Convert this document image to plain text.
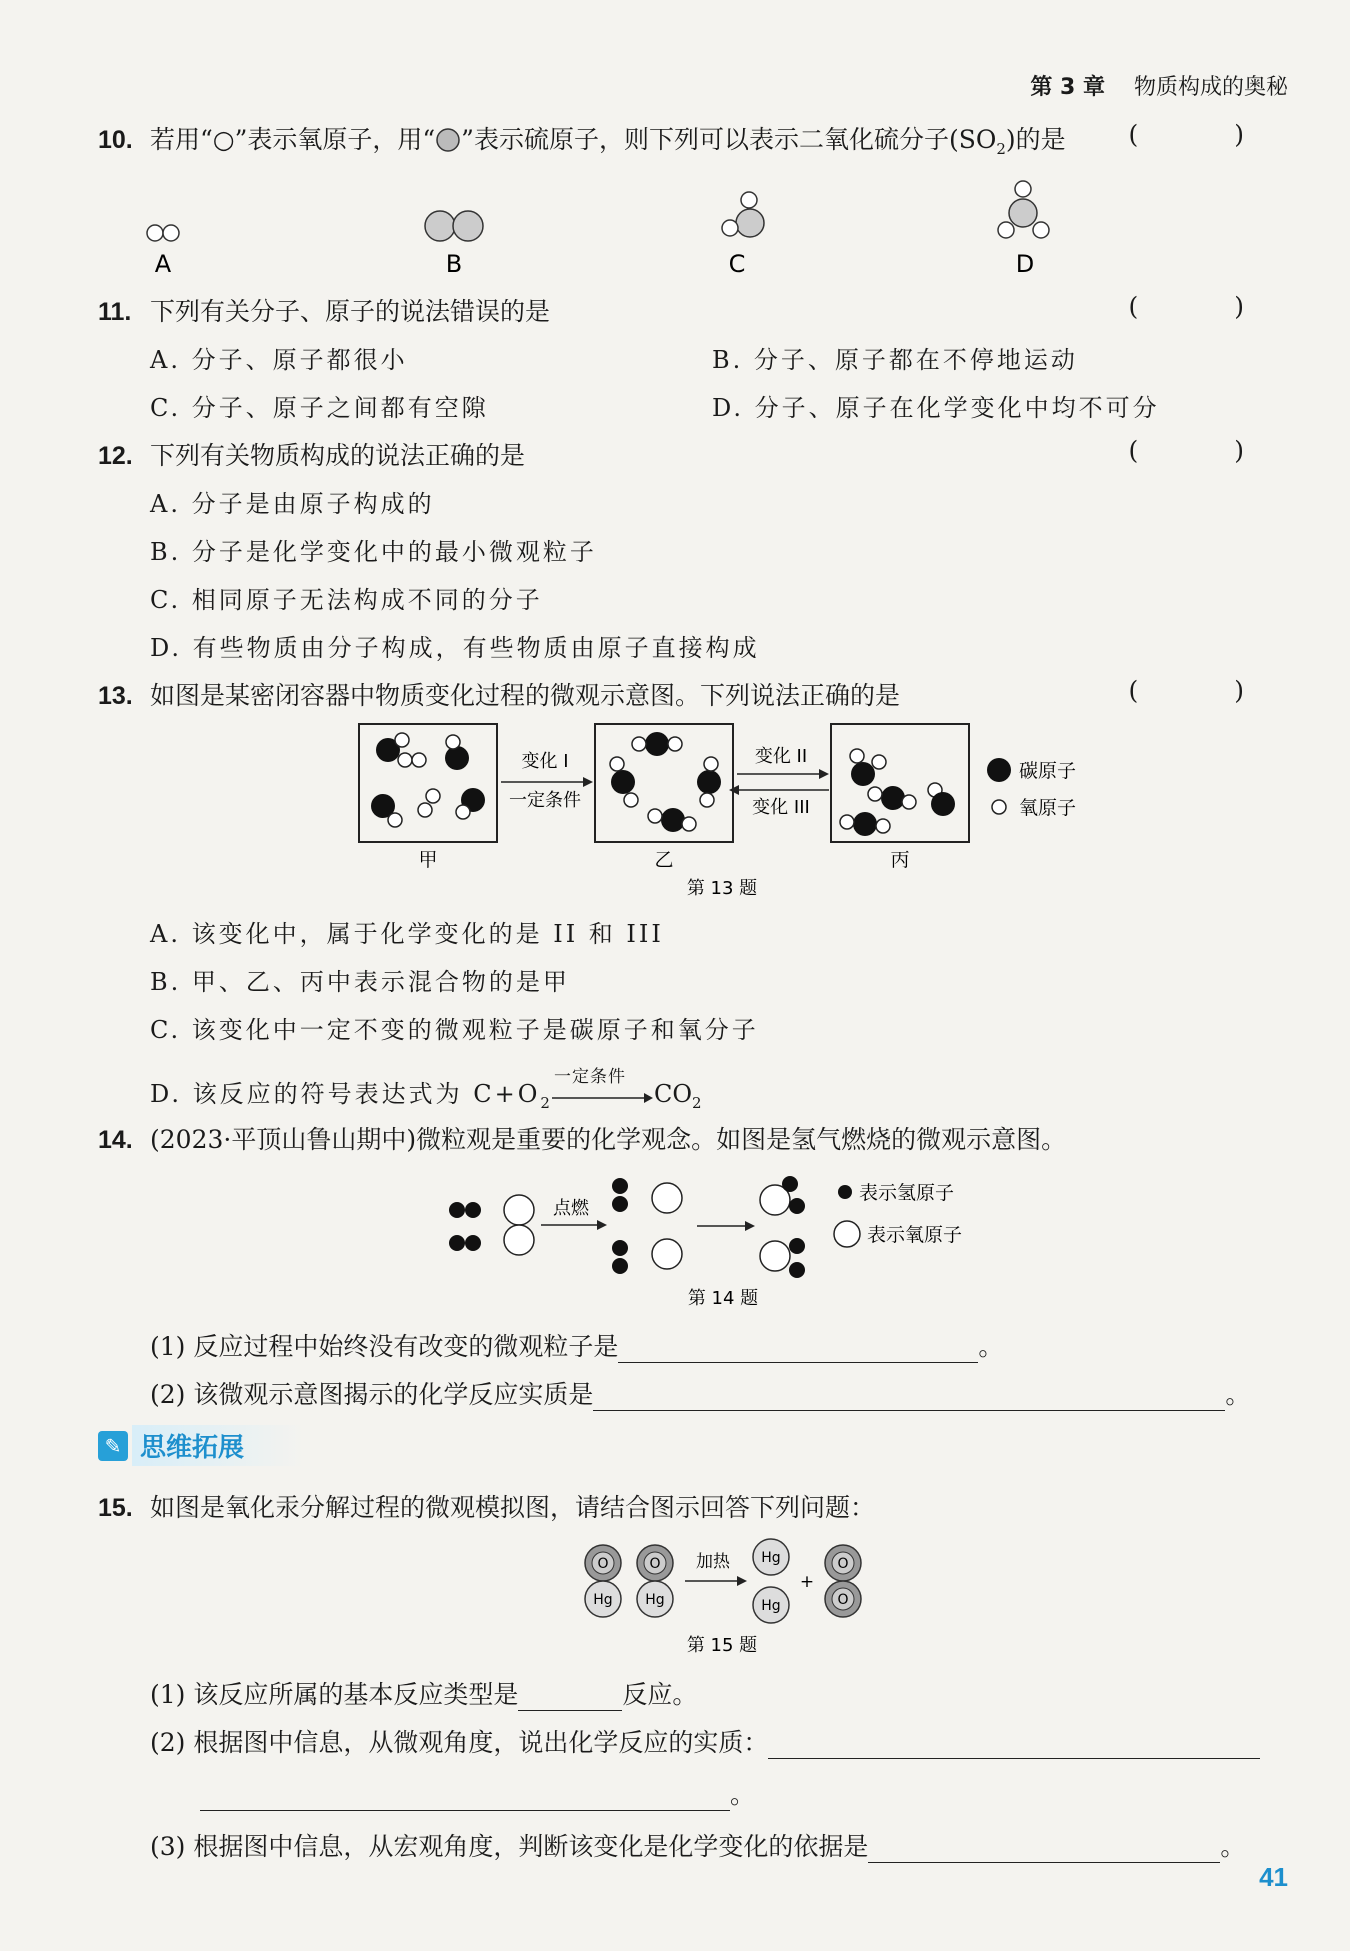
第 3 章 物质构成的奥秘
10. 若用“○”表示氧原子，用“ ”表示硫原子，则下列可以表示二氧化硫分子$(SO_2)$的是	( )
A	B	C	D
11. 下列有关分子、原子的说法错误的是	( )
A. 分子、原子都很小	B. 分子、原子都在不停地运动
C. 分子、原子之间都有空隙	D. 分子、原子在化学变化中均不可分
12. 下列有关物质构成的说法正确的是	( )
A. 分子是由原子构成的
B. 分子是化学变化中的最小微观粒子
C. 相同原子无法构成不同的分子
D. 有些物质由分子构成，有些物质由原子直接构成
13. 如图是某密闭容器中物质变化过程的微观示意图。下列说法正确的是	( )
变化 I
一定条件
变化 II
变化 III
碳原子
氧原子
甲	乙	丙
第 13 题
A. 该变化中，属于化学变化的是 II 和 III
B. 甲、乙、丙中表示混合物的是甲
C. 该变化中一定不变的微观粒子是碳原子和氧分子
D. 该反应的符号表达式为 $C+O_2$
一定条件
$CO_2$
14. (2023·平顶山鲁山期中)微粒观是重要的化学观念。如图是氢气燃烧的微观示意图。
点燃
表示氢原子
表示氧原子
第 14 题
(1) 反应过程中始终没有改变的微观粒子是	。
(2) 该微观示意图揭示的化学反应实质是	。
✎ 思维拓展
15. 如图是氧化汞分解过程的微观模拟图，请结合图示回答下列问题：
O
Hg
O
Hg
Hg
Hg
O
O
加热
+
第 15 题
(1) 该反应所属的基本反应类型是	反应。
(2) 根据图中信息，从微观角度，说出化学反应的实质：
。
(3) 根据图中信息，从宏观角度，判断该变化是化学变化的依据是	。
41
